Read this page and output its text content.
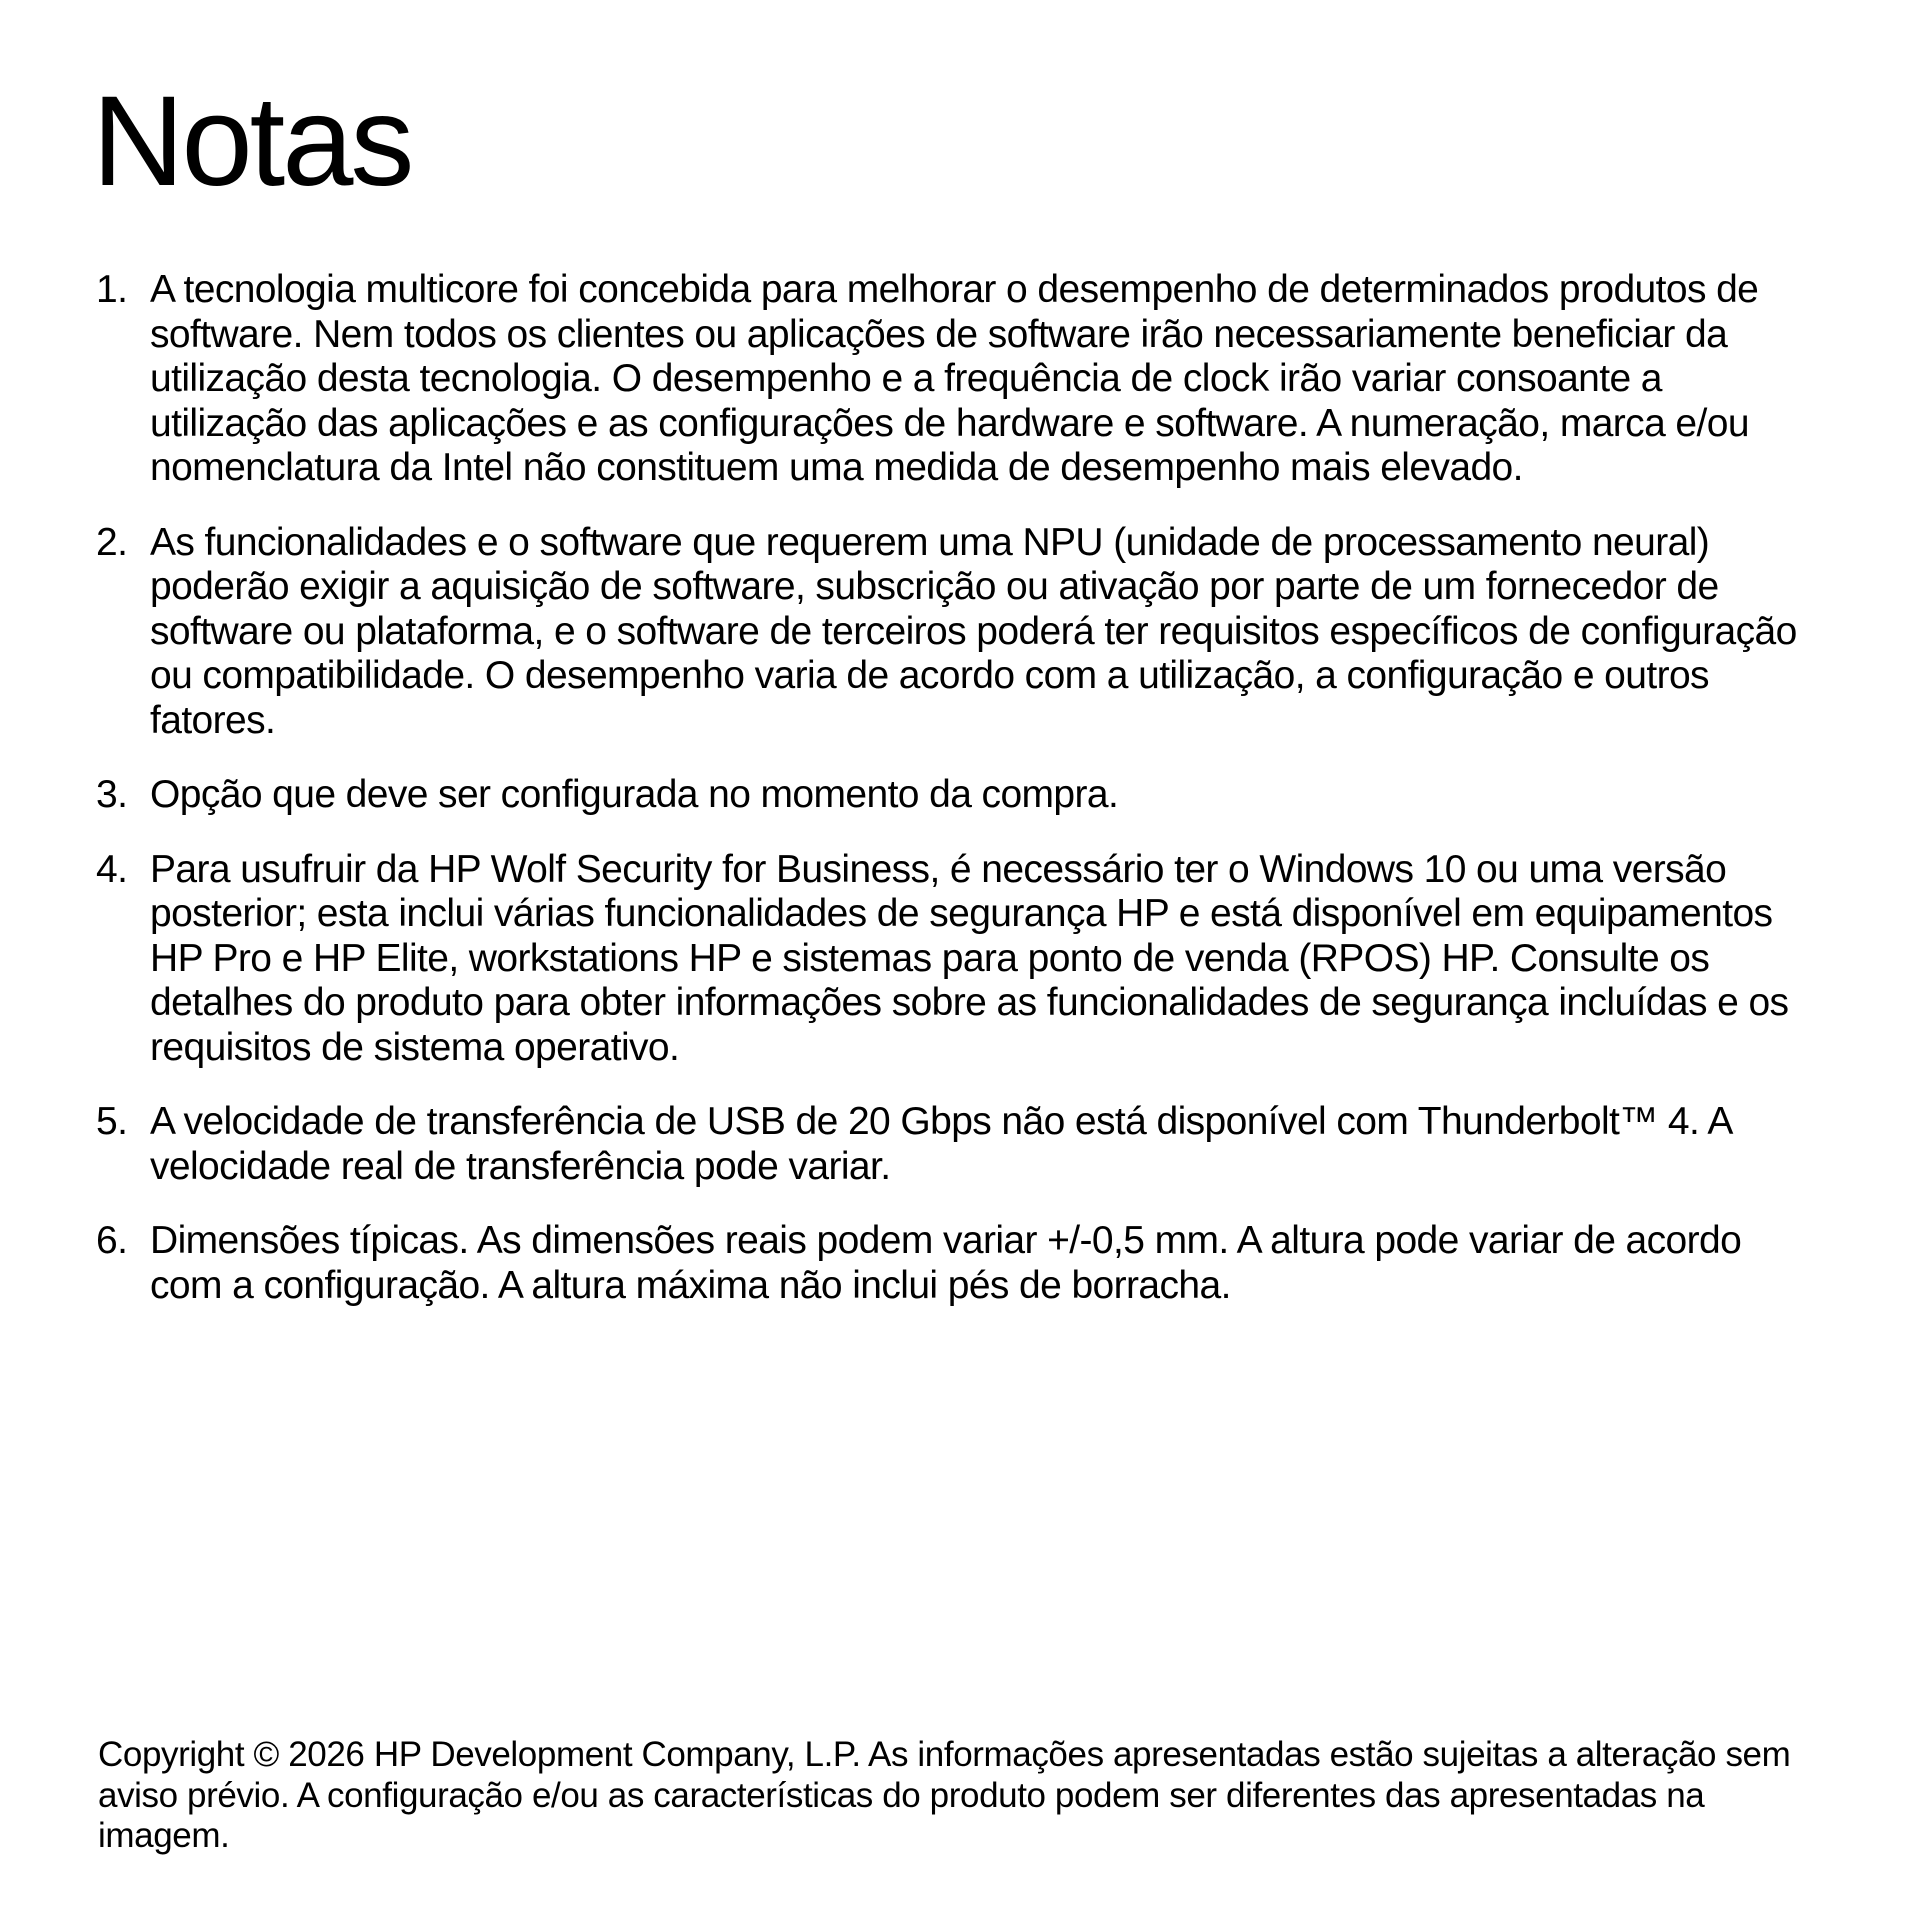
Notas
1. A tecnologia multicore foi concebida para melhorar o desempenho de determinados produtos de software. Nem todos os clientes ou aplicações de software irão necessariamente beneficiar da utilização desta tecnologia. O desempenho e a frequência de clock irão variar consoante a utilização das aplicações e as configurações de hardware e software. A numeração, marca e/ou nomenclatura da Intel não constituem uma medida de desempenho mais elevado.
2. As funcionalidades e o software que requerem uma NPU (unidade de processamento neural) poderão exigir a aquisição de software, subscrição ou ativação por parte de um fornecedor de software ou plataforma, e o software de terceiros poderá ter requisitos específicos de configuração ou compatibilidade. O desempenho varia de acordo com a utilização, a configuração e outros fatores.
3. Opção que deve ser configurada no momento da compra.
4. Para usufruir da HP Wolf Security for Business, é necessário ter o Windows 10 ou uma versão posterior; esta inclui várias funcionalidades de segurança HP e está disponível em equipamentos HP Pro e HP Elite, workstations HP e sistemas para ponto de venda (RPOS) HP. Consulte os detalhes do produto para obter informações sobre as funcionalidades de segurança incluídas e os requisitos de sistema operativo.
5. A velocidade de transferência de USB de 20 Gbps não está disponível com Thunderbolt™ 4. A velocidade real de transferência pode variar.
6. Dimensões típicas. As dimensões reais podem variar +/-0,5 mm. A altura pode variar de acordo com a configuração. A altura máxima não inclui pés de borracha.

Copyright © 2026 HP Development Company, L.P. As informações apresentadas estão sujeitas a alteração sem aviso prévio. A configuração e/ou as características do produto podem ser diferentes das apresentadas na imagem.
